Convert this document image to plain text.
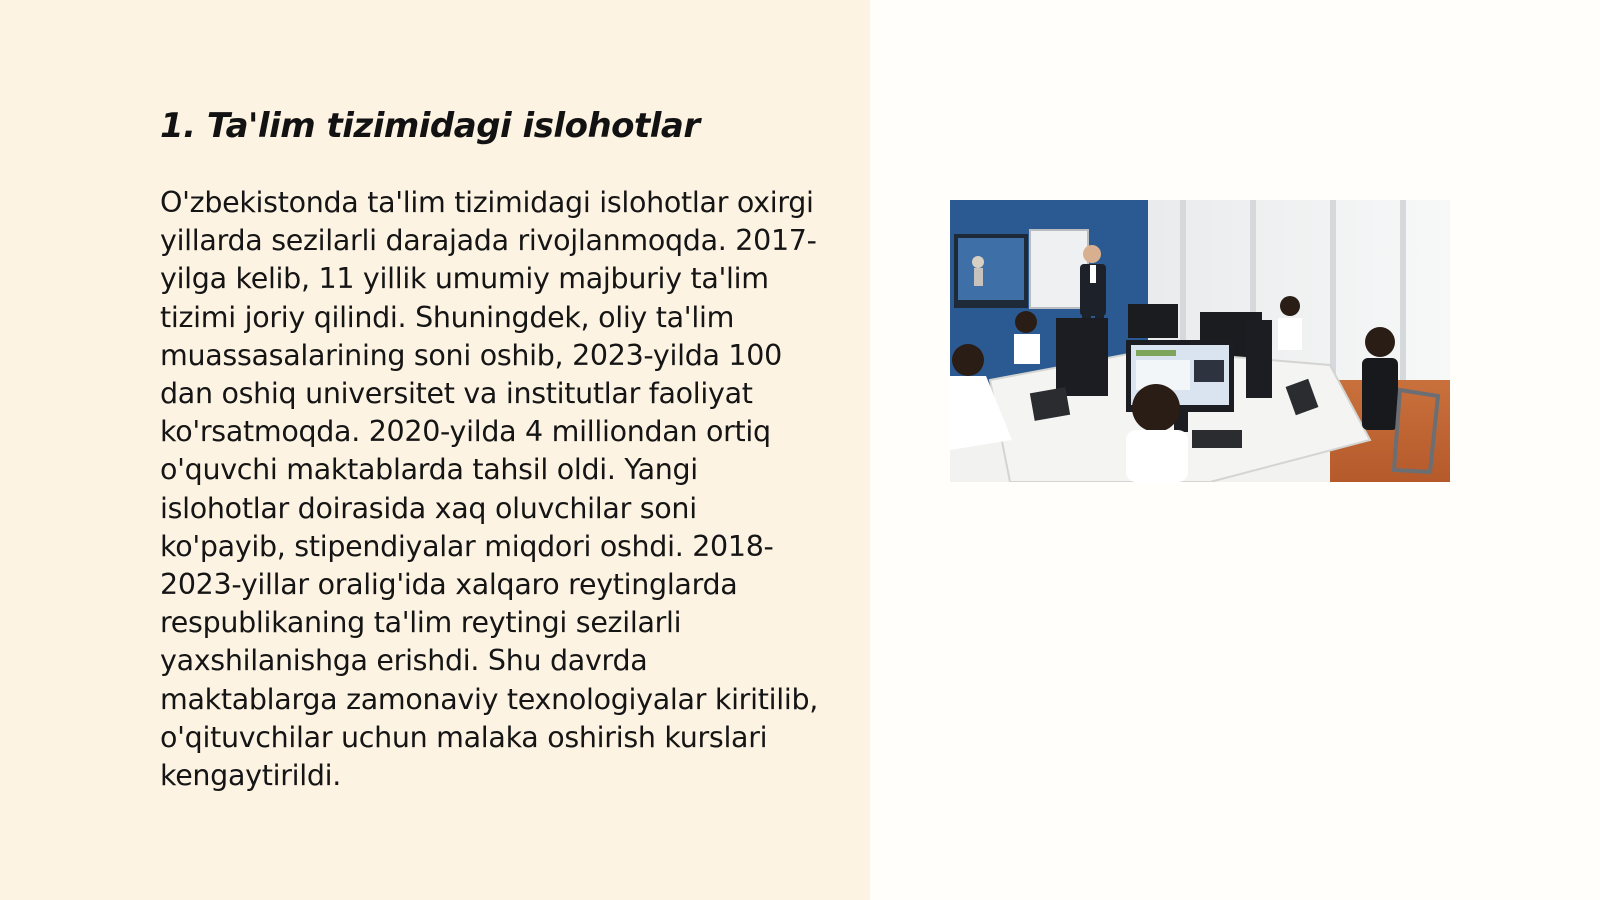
1. Ta'lim tizimidagi islohotlar

O'zbekistonda ta'lim tizimidagi islohotlar oxirgi yillarda sezilarli darajada rivojlanmoqda. 2017-yilga kelib, 11 yillik umumiy majburiy ta'lim tizimi joriy qilindi. Shuningdek, oliy ta'lim muassasalarining soni oshib, 2023-yilda 100 dan oshiq universitet va institutlar faoliyat ko'rsatmoqda. 2020-yilda 4 milliondan ortiq o'quvchi maktablarda tahsil oldi. Yangi islohotlar doirasida xaq oluvchilar soni ko'payib, stipendiyalar miqdori oshdi. 2018-2023-yillar oralig'ida xalqaro reytinglarda respublikaning ta'lim reytingi sezilarli yaxshilanishga erishdi. Shu davrda maktablarga zamonaviy texnologiyalar kiritilib, o'qituvchilar uchun malaka oshirish kurslari kengaytirildi.
